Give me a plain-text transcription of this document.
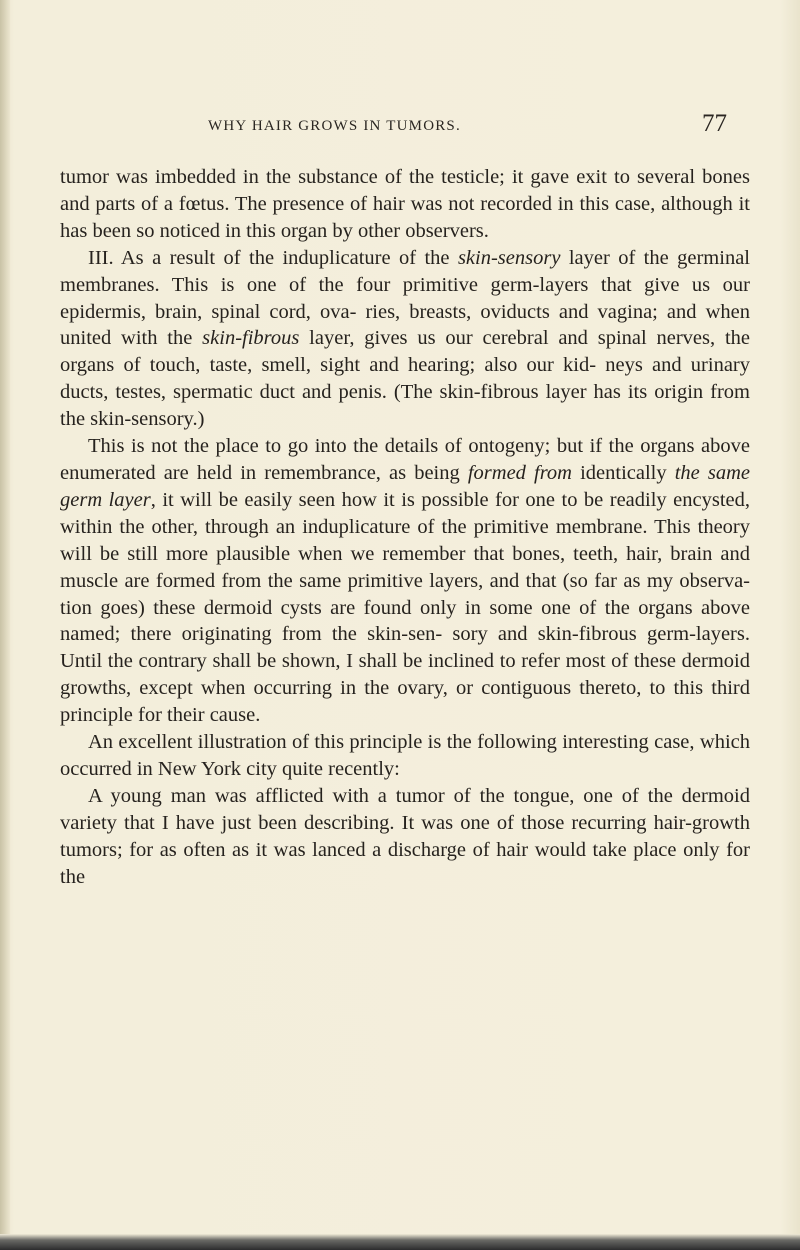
WHY HAIR GROWS IN TUMORS.	77

tumor was imbedded in the substance of the testicle; it gave exit to several bones and parts of a fœtus. The presence of hair was not recorded in this case, although it has been so noticed in this organ by other observers.

III. As a result of the induplicature of the skin-sensory layer of the germinal membranes. This is one of the four primitive germ-layers that give us our epidermis, brain, spinal cord, ova- ries, breasts, oviducts and vagina; and when united with the skin-fibrous layer, gives us our cerebral and spinal nerves, the organs of touch, taste, smell, sight and hearing; also our kid- neys and urinary ducts, testes, spermatic duct and penis. (The skin-fibrous layer has its origin from the skin-sensory.)

This is not the place to go into the details of ontogeny; but if the organs above enumerated are held in remembrance, as being formed from identically the same germ layer, it will be easily seen how it is possible for one to be readily encysted, within the other, through an induplicature of the primitive membrane. This theory will be still more plausible when we remember that bones, teeth, hair, brain and muscle are formed from the same primitive layers, and that (so far as my observa- tion goes) these dermoid cysts are found only in some one of the organs above named; there originating from the skin-sen- sory and skin-fibrous germ-layers. Until the contrary shall be shown, I shall be inclined to refer most of these dermoid growths, except when occurring in the ovary, or contiguous thereto, to this third principle for their cause.

An excellent illustration of this principle is the following interesting case, which occurred in New York city quite recently:

A young man was afflicted with a tumor of the tongue, one of the dermoid variety that I have just been describing. It was one of those recurring hair-growth tumors; for as often as it was lanced a discharge of hair would take place only for the
